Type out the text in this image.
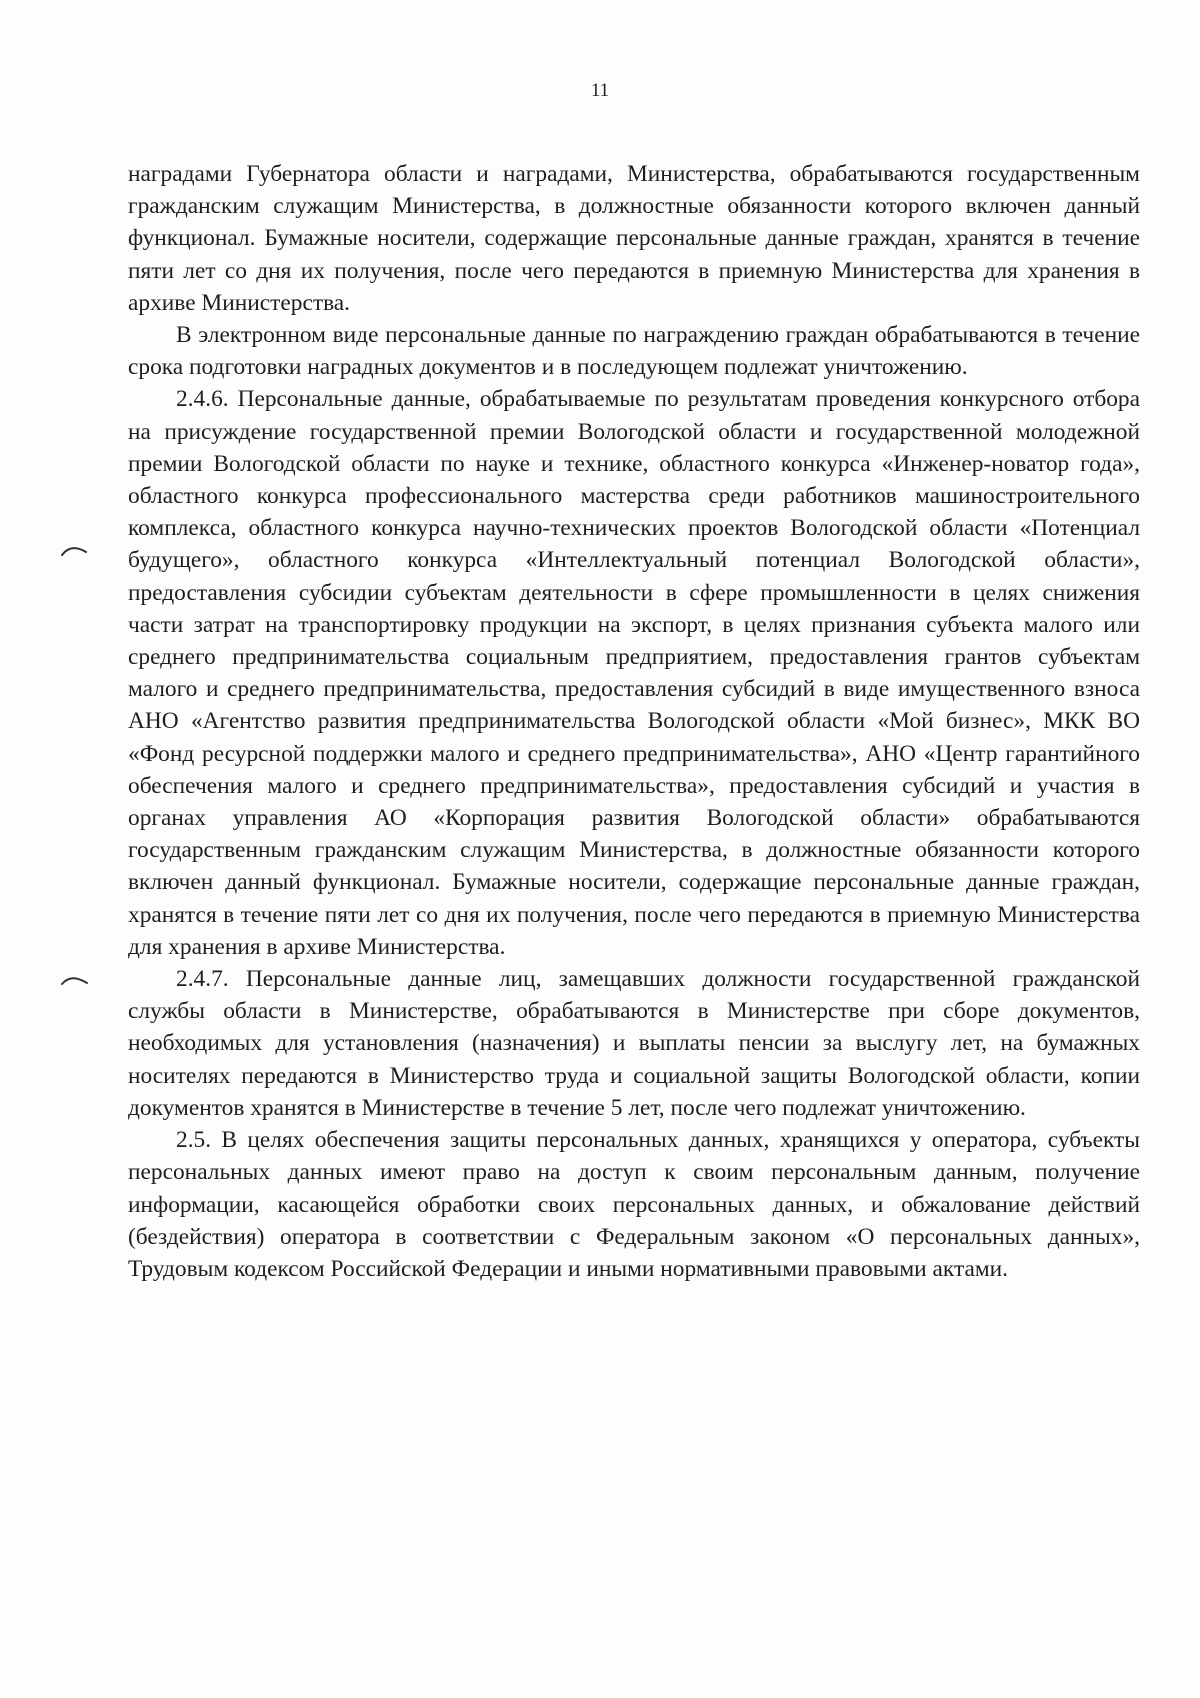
11

наградами Губернатора области и наградами, Министерства, обрабатываются государственным гражданским служащим Министерства, в должностные обязанности которого включен данный функционал. Бумажные носители, содержащие персональные данные граждан, хранятся в течение пяти лет со дня их получения, после чего передаются в приемную Министерства для хранения в архиве Министерства.

В электронном виде персональные данные по награждению граждан обрабатываются в течение срока подготовки наградных документов и в последующем подлежат уничтожению.

2.4.6. Персональные данные, обрабатываемые по результатам проведения конкурсного отбора на присуждение государственной премии Вологодской области и государственной молодежной премии Вологодской области по науке и технике, областного конкурса «Инженер-новатор года», областного конкурса профессионального мастерства среди работников машиностроительного комплекса, областного конкурса научно-технических проектов Вологодской области «Потенциал будущего», областного конкурса «Интеллектуальный потенциал Вологодской области», предоставления субсидии субъектам деятельности в сфере промышленности в целях снижения части затрат на транспортировку продукции на экспорт, в целях признания субъекта малого или среднего предпринимательства социальным предприятием, предоставления грантов субъектам малого и среднего предпринимательства, предоставления субсидий в виде имущественного взноса АНО «Агентство развития предпринимательства Вологодской области «Мой бизнес», МКК ВО «Фонд ресурсной поддержки малого и среднего предпринимательства», АНО «Центр гарантийного обеспечения малого и среднего предпринимательства», предоставления субсидий и участия в органах управления АО «Корпорация развития Вологодской области» обрабатываются государственным гражданским служащим Министерства, в должностные обязанности которого включен данный функционал. Бумажные носители, содержащие персональные данные граждан, хранятся в течение пяти лет со дня их получения, после чего передаются в приемную Министерства для хранения в архиве Министерства.

2.4.7. Персональные данные лиц, замещавших должности государственной гражданской службы области в Министерстве, обрабатываются в Министерстве при сборе документов, необходимых для установления (назначения) и выплаты пенсии за выслугу лет, на бумажных носителях передаются в Министерство труда и социальной защиты Вологодской области, копии документов хранятся в Министерстве в течение 5 лет, после чего подлежат уничтожению.

2.5. В целях обеспечения защиты персональных данных, хранящихся у оператора, субъекты персональных данных имеют право на доступ к своим персональным данным, получение информации, касающейся обработки своих персональных данных, и обжалование действий (бездействия) оператора в соответствии с Федеральным законом «О персональных данных», Трудовым кодексом Российской Федерации и иными нормативными правовыми актами.
